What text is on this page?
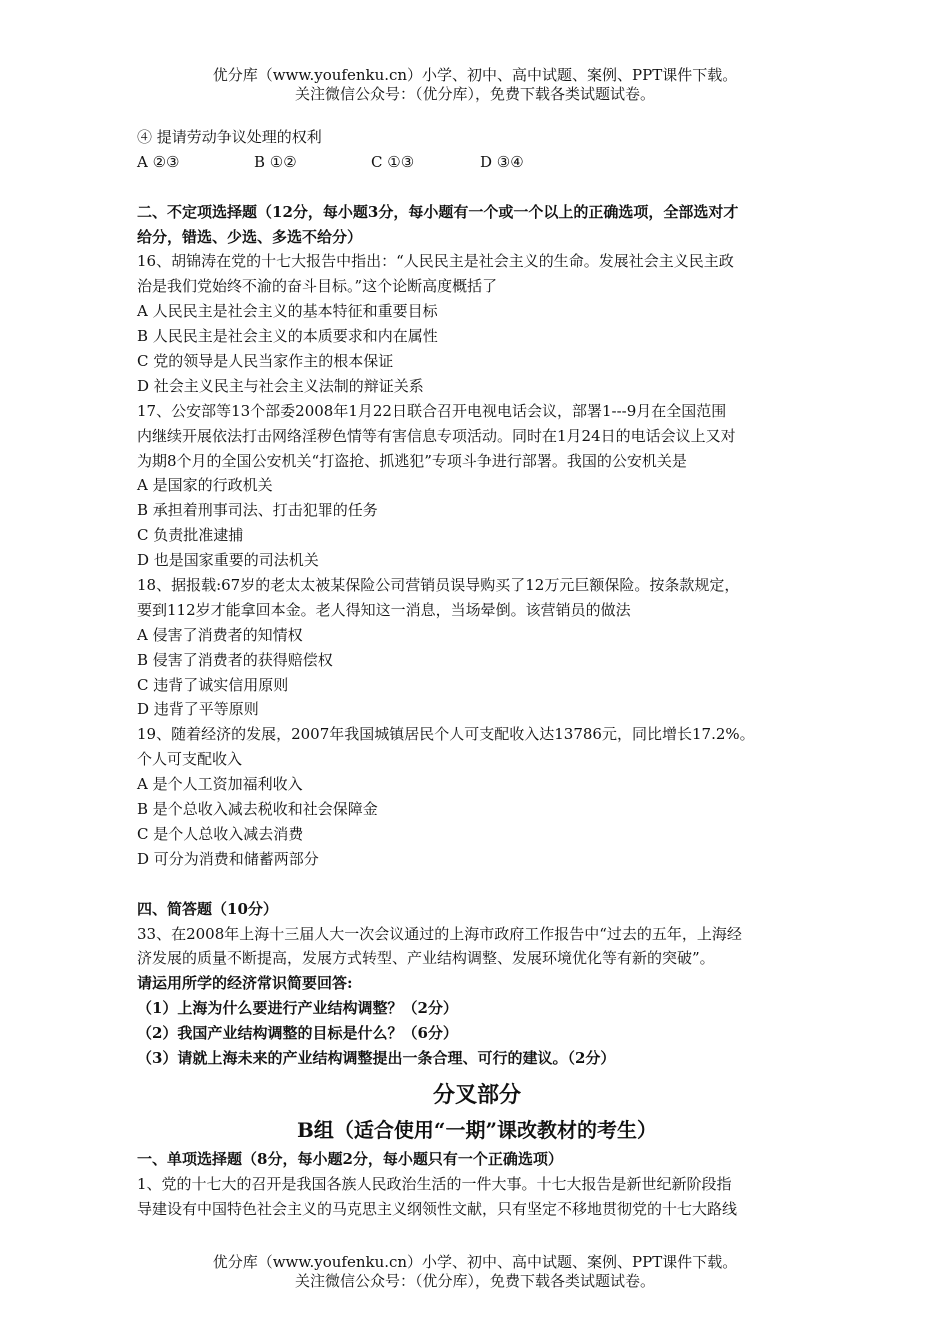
优分库（www.youfenku.cn）小学、初中、高中试题、案例、PPT课件下载。
关注微信公众号：（优分库），免费下载各类试题试卷。
④ 提请劳动争议处理的权利
A ②③	B ①②	C ①③	D ③④
二、不定项选择题（12分，每小题3分，每小题有一个或一个以上的正确选项，全部选对才
给分，错选、少选、多选不给分）
16、胡锦涛在党的十七大报告中指出：“人民民主是社会主义的生命。发展社会主义民主政
治是我们党始终不渝的奋斗目标。”这个论断高度概括了
A 人民民主是社会主义的基本特征和重要目标
B 人民民主是社会主义的本质要求和内在属性
C 党的领导是人民当家作主的根本保证
D 社会主义民主与社会主义法制的辩证关系
17、公安部等13个部委2008年1月22日联合召开电视电话会议，部署1---9月在全国范围
内继续开展依法打击网络淫秽色情等有害信息专项活动。同时在1月24日的电话会议上又对
为期8个月的全国公安机关“打盗抢、抓逃犯”专项斗争进行部署。我国的公安机关是
A 是国家的行政机关
B 承担着刑事司法、打击犯罪的任务
C 负责批准逮捕
D 也是国家重要的司法机关
18、据报载:67岁的老太太被某保险公司营销员误导购买了12万元巨额保险。按条款规定，
要到112岁才能拿回本金。老人得知这一消息，当场晕倒。该营销员的做法
A 侵害了消费者的知情权
B 侵害了消费者的获得赔偿权
C 违背了诚实信用原则
D 违背了平等原则
19、随着经济的发展，2007年我国城镇居民个人可支配收入达13786元，同比增长17.2%。
个人可支配收入
A 是个人工资加福利收入
B 是个总收入减去税收和社会保障金
C 是个人总收入减去消费
D 可分为消费和储蓄两部分
四、简答题（10分）
33、在2008年上海十三届人大一次会议通过的上海市政府工作报告中“过去的五年，上海经
济发展的质量不断提高，发展方式转型、产业结构调整、发展环境优化等有新的突破”。
请运用所学的经济常识简要回答:
（1）上海为什么要进行产业结构调整？（2分）
（2）我国产业结构调整的目标是什么？（6分）
（3）请就上海未来的产业结构调整提出一条合理、可行的建议。（2分）
分叉部分
B组（适合使用“一期”课改教材的考生）
一、单项选择题（8分，每小题2分，每小题只有一个正确选项）
1、党的十七大的召开是我国各族人民政治生活的一件大事。十七大报告是新世纪新阶段指
导建设有中国特色社会主义的马克思主义纲领性文献，只有坚定不移地贯彻党的十七大路线
优分库（www.youfenku.cn）小学、初中、高中试题、案例、PPT课件下载。
关注微信公众号：（优分库），免费下载各类试题试卷。
